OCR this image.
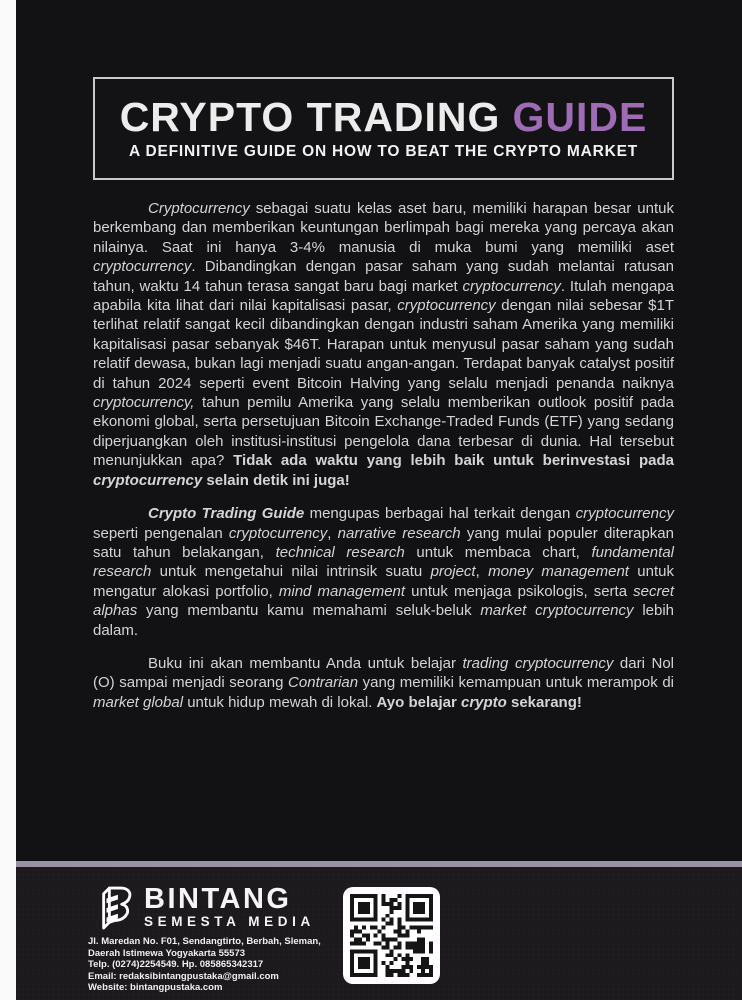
CRYPTO TRADING GUIDE

A DEFINITIVE GUIDE ON HOW TO BEAT THE CRYPTO MARKET

Cryptocurrency sebagai suatu kelas aset baru, memiliki harapan besar untuk berkembang dan memberikan keuntungan berlimpah bagi mereka yang percaya akan nilainya. Saat ini hanya 3-4% manusia di muka bumi yang memiliki aset cryptocurrency. Dibandingkan dengan pasar saham yang sudah melantai ratusan tahun, waktu 14 tahun terasa sangat baru bagi market cryptocurrency. Itulah mengapa apabila kita lihat dari nilai kapitalisasi pasar, cryptocurrency dengan nilai sebesar $1T terlihat relatif sangat kecil dibandingkan dengan industri saham Amerika yang memiliki kapitalisasi pasar sebanyak $46T. Harapan untuk menyusul pasar saham yang sudah relatif dewasa, bukan lagi menjadi suatu angan-angan. Terdapat banyak catalyst positif di tahun 2024 seperti event Bitcoin Halving yang selalu menjadi penanda naiknya cryptocurrency, tahun pemilu Amerika yang selalu memberikan outlook positif pada ekonomi global, serta persetujuan Bitcoin Exchange-Traded Funds (ETF) yang sedang diperjuangkan oleh institusi-institusi pengelola dana terbesar di dunia. Hal tersebut menunjukkan apa? Tidak ada waktu yang lebih baik untuk berinvestasi pada cryptocurrency selain detik ini juga!

Crypto Trading Guide mengupas berbagai hal terkait dengan cryptocurrency seperti pengenalan cryptocurrency, narrative research yang mulai populer diterapkan satu tahun belakangan, technical research untuk membaca chart, fundamental research untuk mengetahui nilai intrinsik suatu project, money management untuk mengatur alokasi portfolio, mind management untuk menjaga psikologis, serta secret alphas yang membantu kamu memahami seluk-beluk market cryptocurrency lebih dalam.

Buku ini akan membantu Anda untuk belajar trading cryptocurrency dari Nol (O) sampai menjadi seorang Contrarian yang memiliki kemampuan untuk merampok di market global untuk hidup mewah di lokal. Ayo belajar crypto sekarang!

BINTANG

SEMESTA MEDIA

Jl. Maredan No. F01, Sendangtirto, Berbah, Sleman,
Daerah Istimewa Yogyakarta 55573
Telp. (0274)2254549. Hp. 085865342317
Email: redaksibintangpustaka@gmail.com
Website: bintangpustaka.com
